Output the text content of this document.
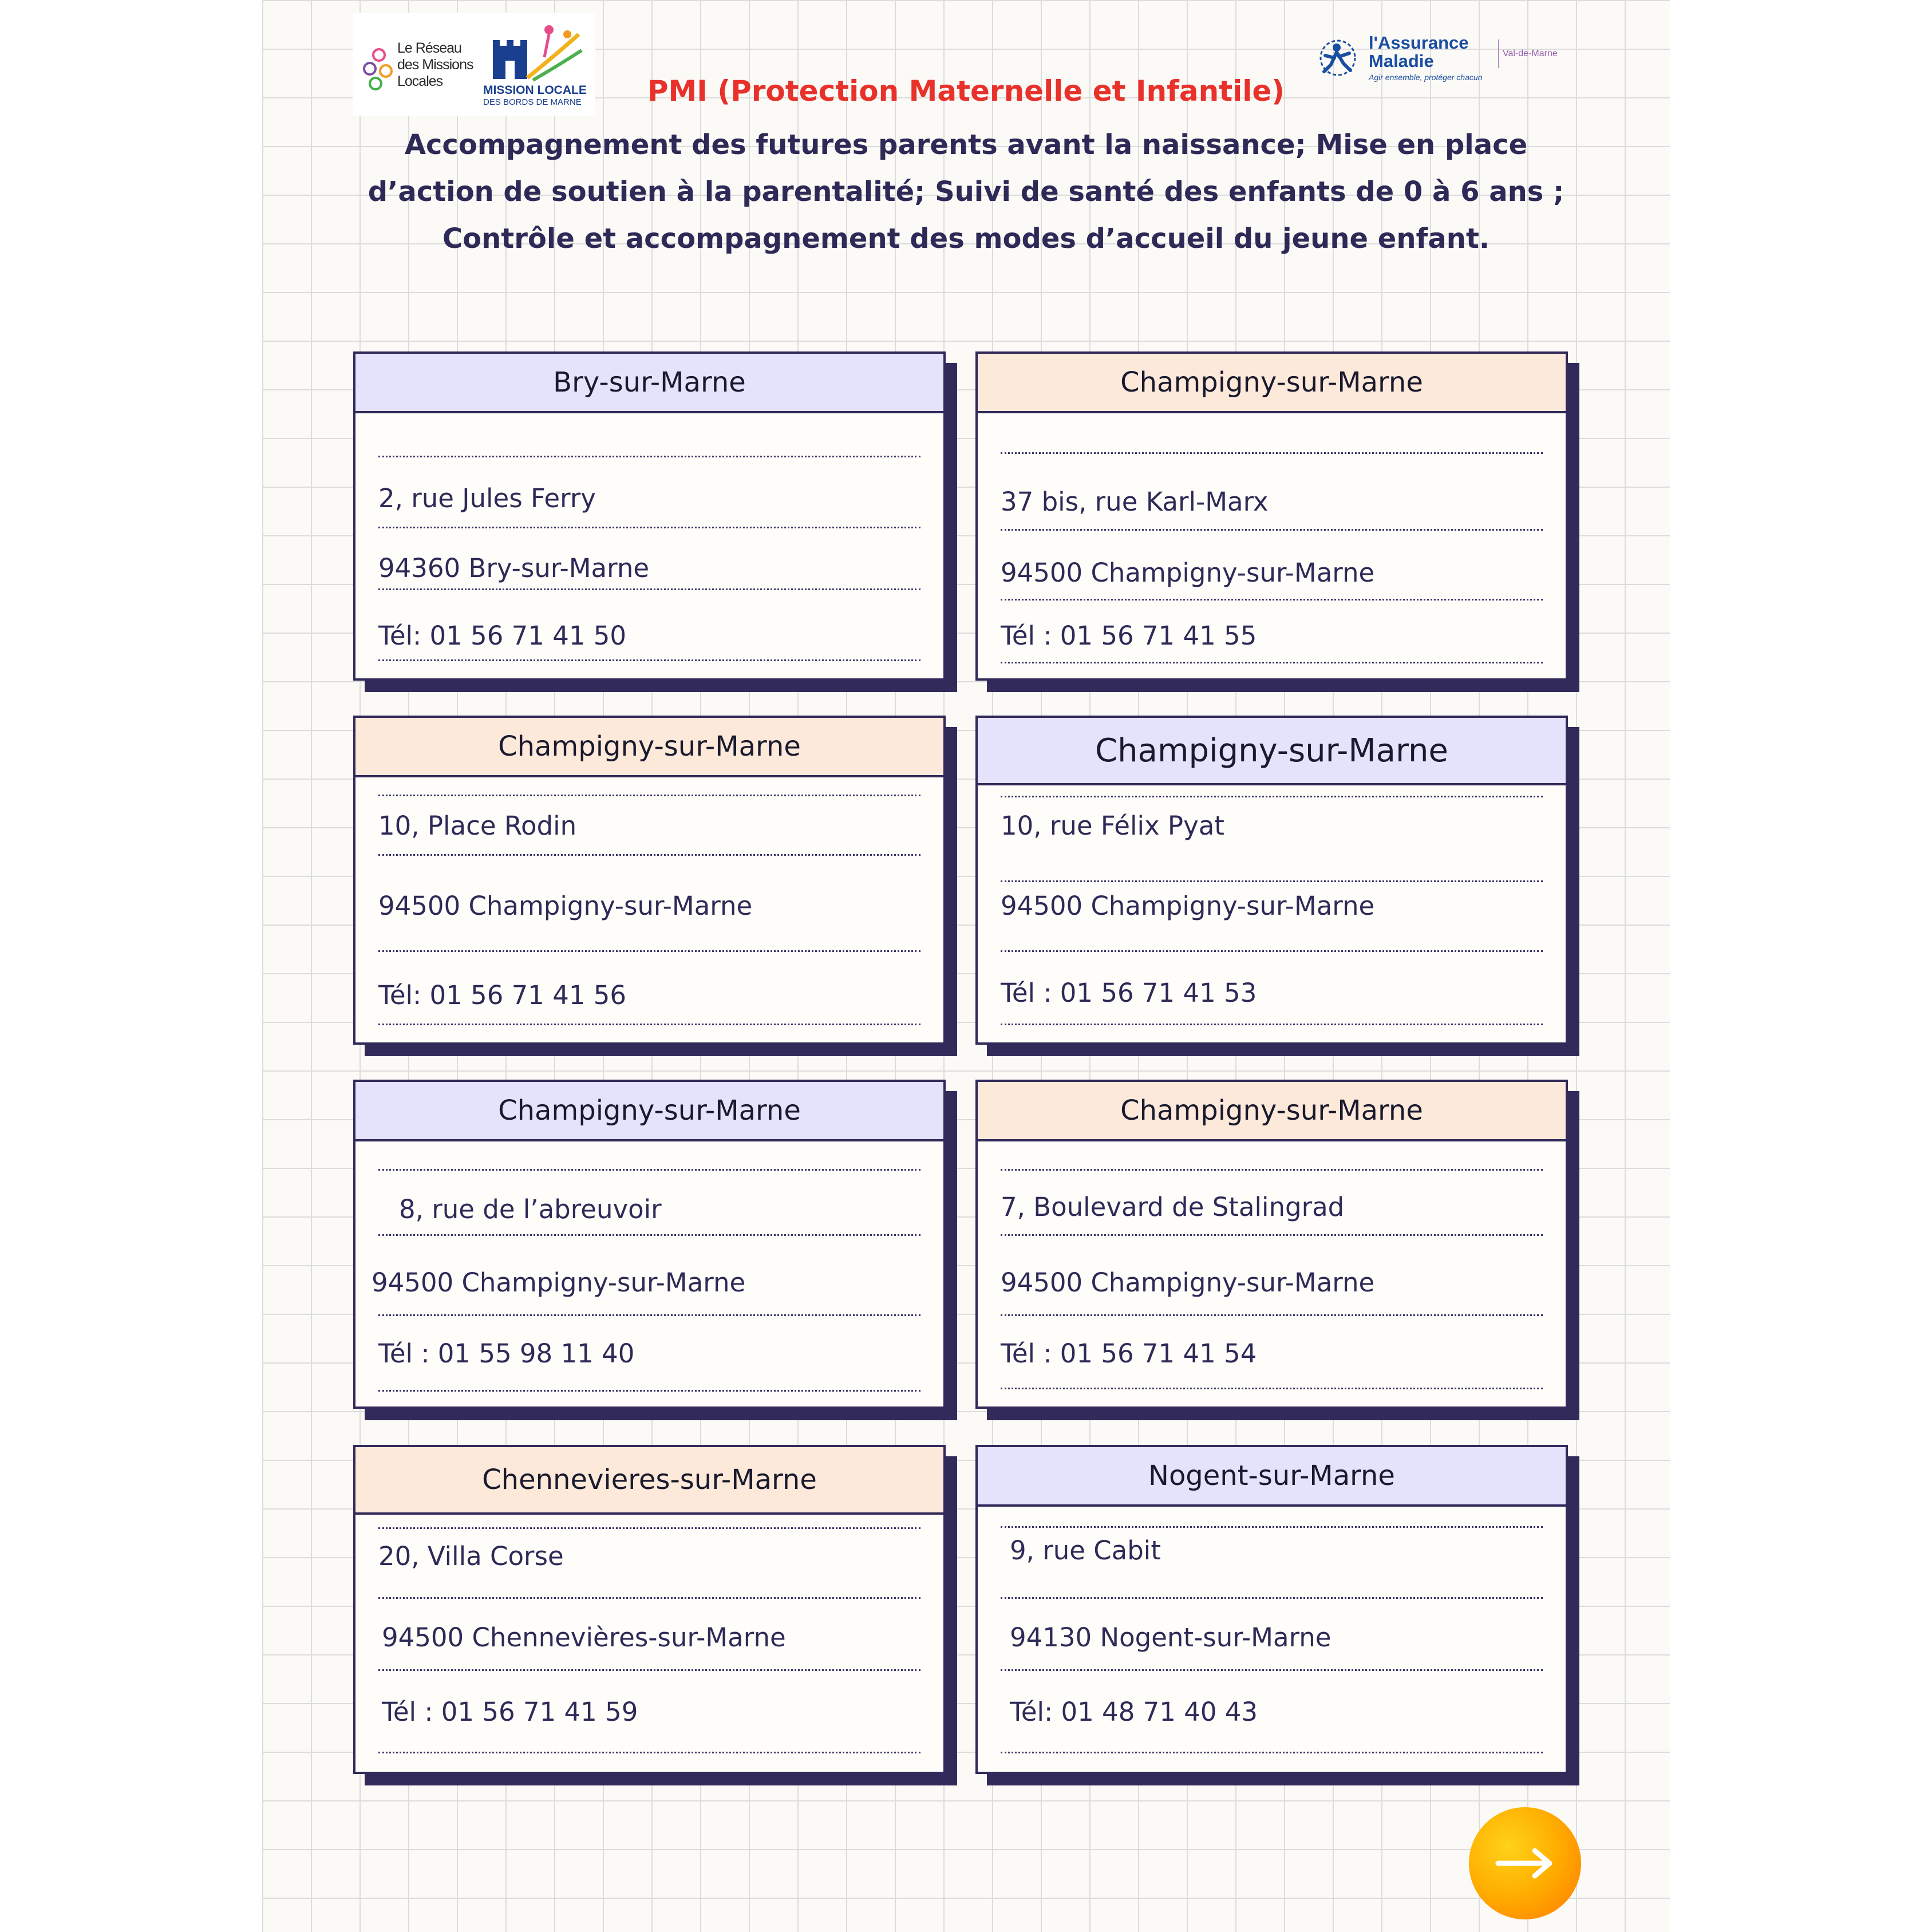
Le Réseau
des Missions
Locales
MISSION LOCALE
DES BORDS DE MARNE
l'Assurance
Maladie
Agir ensemble, protéger chacun
Val-de-Marne
PMI (Protection Maternelle et Infantile)

Accompagnement des futures parents avant la naissance; Mise en place d’action de soutien à la parentalité; Suivi de santé des enfants de 0 à 6 ans ; Contrôle et accompagnement des modes d’accueil du jeune enfant.

Bry-sur-Marne
2, rue Jules Ferry
94360 Bry-sur-Marne
Tél: 01 56 71 41 50
Champigny-sur-Marne
37 bis, rue Karl-Marx
94500 Champigny-sur-Marne
Tél : 01 56 71 41 55
Champigny-sur-Marne
10, Place Rodin
94500 Champigny-sur-Marne
Tél: 01 56 71 41 56
Champigny-sur-Marne
10, rue Félix Pyat
94500 Champigny-sur-Marne
Tél : 01 56 71 41 53
Champigny-sur-Marne
8, rue de l’abreuvoir
94500 Champigny-sur-Marne
Tél : 01 55 98 11 40
Champigny-sur-Marne
7, Boulevard de Stalingrad
94500 Champigny-sur-Marne
Tél : 01 56 71 41 54
Chennevieres-sur-Marne
20, Villa Corse
94500 Chennevières-sur-Marne
Tél : 01 56 71 41 59
Nogent-sur-Marne
9, rue Cabit
94130 Nogent-sur-Marne
Tél: 01 48 71 40 43
